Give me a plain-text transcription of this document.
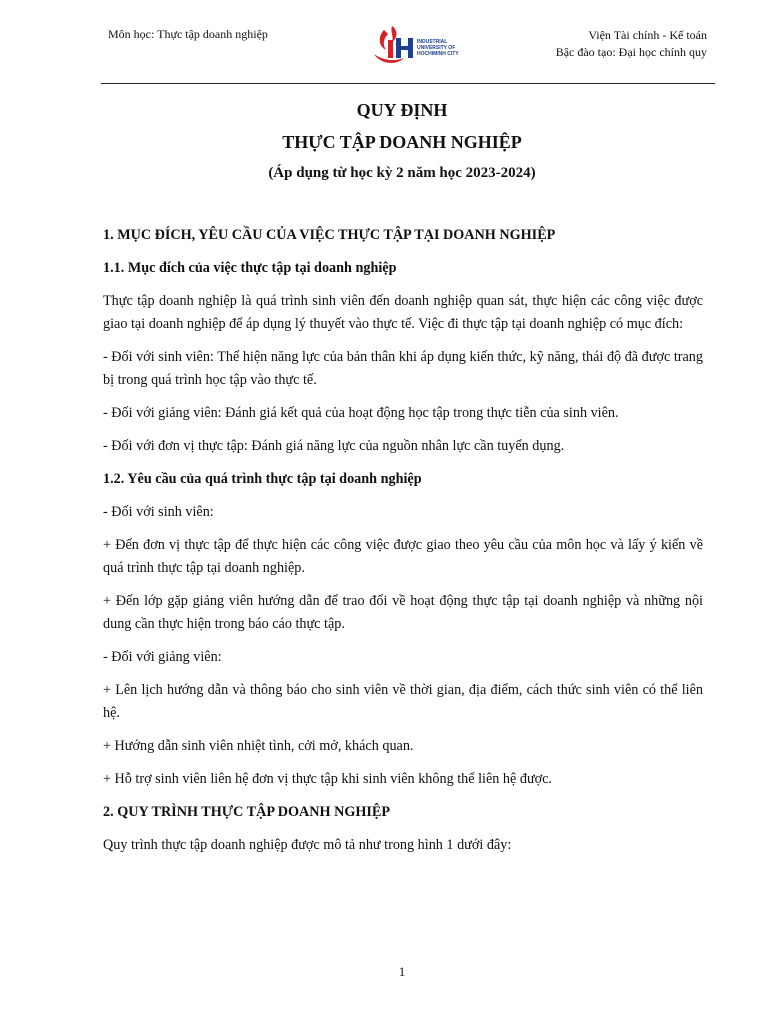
Môn học: Thực tập doanh nghiệp
INDUSTRIAL
UNIVERSITY OF
HOCHIMINH CITY
Viện Tài chính - Kế toán
Bậc đào tạo: Đại học chính quy

QUY ĐỊNH

THỰC TẬP DOANH NGHIỆP

(Áp dụng từ học kỳ 2 năm học 2023-2024)

1. MỤC ĐÍCH, YÊU CẦU CỦA VIỆC THỰC TẬP TẠI DOANH NGHIỆP

1.1. Mục đích của việc thực tập tại doanh nghiệp

Thực tập doanh nghiệp là quá trình sinh viên đến doanh nghiệp quan sát, thực hiện các công việc được giao tại doanh nghiệp để áp dụng lý thuyết vào thực tế. Việc đi thực tập tại doanh nghiệp có mục đích:

- Đối với sinh viên: Thể hiện năng lực của bản thân khi áp dụng kiến thức, kỹ năng, thái độ đã được trang bị trong quá trình học tập vào thực tế.

- Đối với giảng viên: Đánh giá kết quả của hoạt động học tập trong thực tiễn của sinh viên.

- Đối với đơn vị thực tập: Đánh giá năng lực của nguồn nhân lực cần tuyển dụng.

1.2. Yêu cầu của quá trình thực tập tại doanh nghiệp

- Đối với sinh viên:

+ Đến đơn vị thực tập để thực hiện các công việc được giao theo yêu cầu của môn học và lấy ý kiến về quá trình thực tập tại doanh nghiệp.

+ Đến lớp gặp giảng viên hướng dẫn để trao đổi về hoạt động thực tập tại doanh nghiệp và những nội dung cần thực hiện trong báo cáo thực tập.

- Đối với giảng viên:

+ Lên lịch hướng dẫn và thông báo cho sinh viên về thời gian, địa điểm, cách thức sinh viên có thể liên hệ.

+ Hướng dẫn sinh viên nhiệt tình, cởi mở, khách quan.

+ Hỗ trợ sinh viên liên hệ đơn vị thực tập khi sinh viên không thể liên hệ được.

2. QUY TRÌNH THỰC TẬP DOANH NGHIỆP

Quy trình thực tập doanh nghiệp được mô tả như trong hình 1 dưới đây:

1
